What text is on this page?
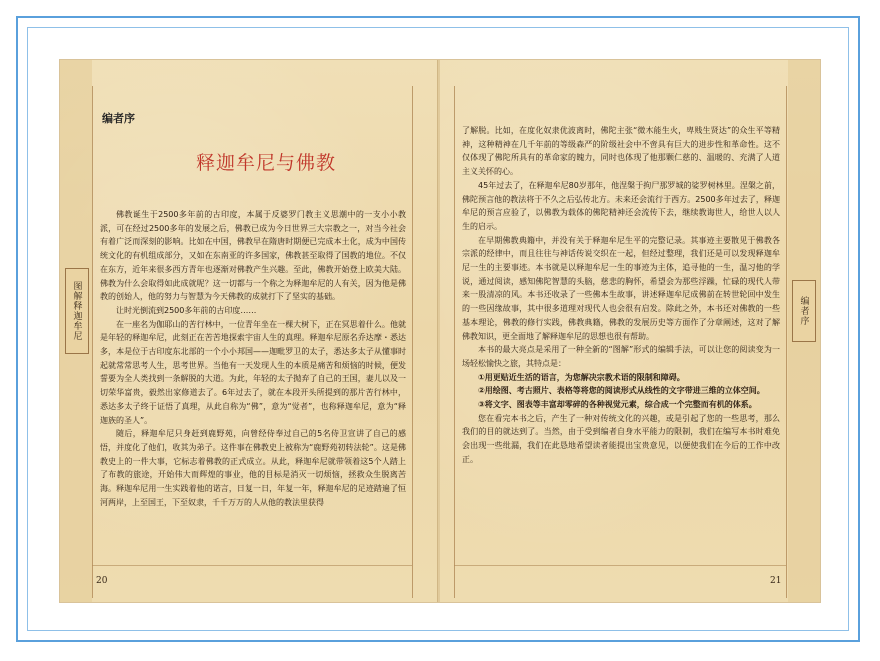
图解释迦牟尼
编者序
释迦牟尼与佛教

佛教诞生于2500多年前的古印度，本属于反婆罗门教主义思潮中的一支小小教派，可在经过2500多年的发展之后，佛教已成为今日世界三大宗教之一，对当今社会有着广泛而深刻的影响。比如在中国，佛教早在隋唐时期便已完成本土化，成为中国传统文化的有机组成部分，又如在东南亚的许多国家，佛教甚至取得了国教的地位。不仅在东方，近年来很多西方青年也逐渐对佛教产生兴趣。至此，佛教开始登上欧美大陆。佛教为什么会取得如此成就呢？这一切都与一个称之为释迦牟尼的人有关，因为他是佛教的创始人，他的努力与智慧为今天佛教的成就打下了坚实的基础。

让时光倒流到2500多年前的古印度……

在一座名为伽耶山的苦行林中，一位青年坐在一棵大树下，正在冥思着什么。他就是年轻的释迦牟尼，此刻正在苦苦地探索宇宙人生的真理。释迦牟尼原名乔达摩・悉达多，本是位于古印度东北部的一个小小邦国——迦毗罗卫的太子，悉达多太子从懂事时起就常常思考人生，思考世界。当他有一天发现人生的本质是痛苦和烦恼的时候，便发誓要为全人类找到一条解脱的大道。为此，年轻的太子抛弃了自己的王国，妻儿以及一切荣华富贵，毅然出家修道去了。6年过去了，就在本段开头所提到的那片苦行林中，悉达多太子终于证悟了真理，从此自称为“佛”，意为“觉者”，也称释迦牟尼，意为“释迦族的圣人”。

随后，释迦牟尼只身赶到鹿野苑，向曾经侍奉过自己的5名侍卫宣讲了自己的感悟，并度化了他们，收其为弟子。这件事在佛教史上被称为“鹿野苑初转法轮”。这是佛教史上的一件大事，它标志着佛教的正式成立。从此，释迦牟尼就带领着这5个人踏上了布教的旅途，开始伟大而辉煌的事业，他的目标是消灭一切烦恼，拯救众生脱离苦海。释迦牟尼用一生实践着他的诺言，日复一日，年复一年，释迦牟尼的足迹踏遍了恒河两岸，上至国王，下至奴隶，千千万万的人从他的教法里获得

20
编者序

了解脱。比如，在度化奴隶优波离时，佛陀主张“微木能生火，卑贱生贤达”的众生平等精神，这种精神在几千年前的等级森严的阶级社会中不啻具有巨大的进步性和革命性。这不仅体现了佛陀所具有的革命家的魄力，同时也体现了他那颗仁慈的、温暖的、充满了人道主义关怀的心。

45年过去了，在释迦牟尼80岁那年，他涅槃于拘尸那罗城的娑罗树林里。涅槃之前，佛陀预言他的教法将于不久之后弘传北方。未来还会流行于西方。2500多年过去了，释迦牟尼的预言应验了，以佛教为载体的佛陀精神还会流传下去，继续教诲世人，给世人以人生的启示。

在早期佛教典籍中，并没有关于释迦牟尼生平的完整记录。其事迹主要散见于佛教各宗派的经律中，而且往往与神话传说交织在一起，但经过整理，我们还是可以发现释迦牟尼一生的主要事迹。本书就是以释迦牟尼一生的事迹为主体，追寻他的一生，温习他的学说，通过阅读，感知佛陀智慧的头脑，慈悲的胸怀，希望会为那些浮躁，忙碌的现代人带来一股清凉的风。本书还收录了一些佛本生故事，讲述释迦牟尼成佛前在转世轮回中发生的一些因缘故事，其中很多道理对现代人也会很有启发。除此之外，本书还对佛教的一些基本理论，佛教的修行实践，佛教典籍，佛教的发展历史等方面作了分章阐述，这对了解佛教知识，更全面地了解释迦牟尼的思想也很有帮助。

本书的最大亮点是采用了一种全新的“图解”形式的编辑手法，可以让您的阅读变为一场轻松愉快之旅，其特点是：

①用更贴近生活的语言，为您解决宗教术语的限制和障碍。

②用绘图、考古照片、表格等将您的阅读形式从线性的文字带进三维的立体空间。

③将文字、图表等丰富却零碎的各种视觉元素，综合成一个完整而有机的体系。

您在看完本书之后，产生了一种对传统文化的兴趣，或是引起了您的一些思考，那么我们的目的就达到了。当然，由于受到编者自身水平能力的限制，我们在编写本书时难免会出现一些纰漏，我们在此恳地希望读者能提出宝贵意见，以便使我们在今后的工作中改正。

21
